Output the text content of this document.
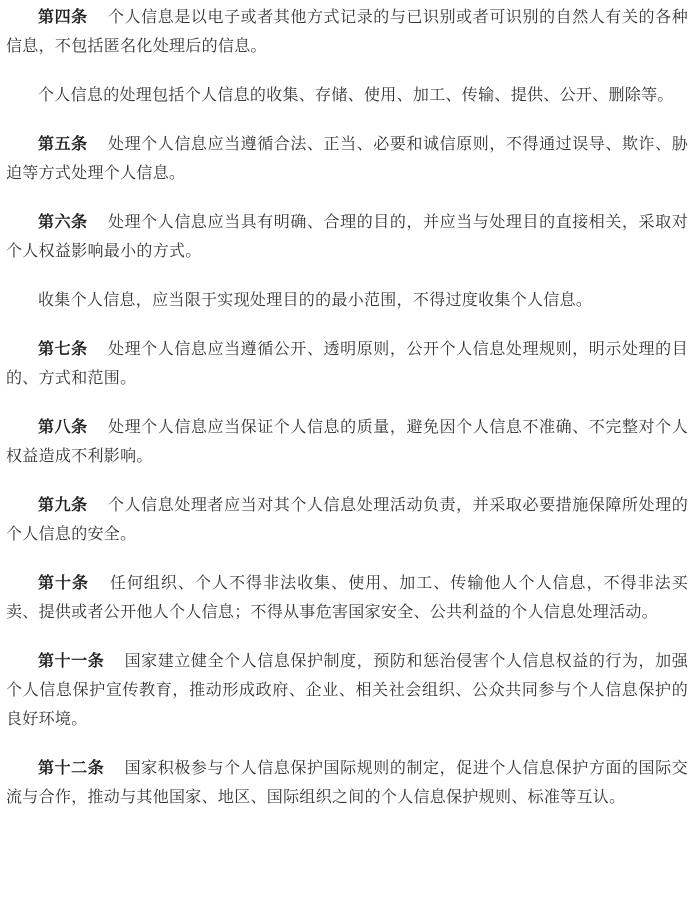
第四条 个人信息是以电子或者其他方式记录的与已识别或者可识别的自然人有关的各种信息，不包括匿名化处理后的信息。

个人信息的处理包括个人信息的收集、存储、使用、加工、传输、提供、公开、删除等。

第五条 处理个人信息应当遵循合法、正当、必要和诚信原则，不得通过误导、欺诈、胁迫等方式处理个人信息。

第六条 处理个人信息应当具有明确、合理的目的，并应当与处理目的直接相关，采取对个人权益影响最小的方式。

收集个人信息，应当限于实现处理目的的最小范围，不得过度收集个人信息。

第七条 处理个人信息应当遵循公开、透明原则，公开个人信息处理规则，明示处理的目的、方式和范围。

第八条 处理个人信息应当保证个人信息的质量，避免因个人信息不准确、不完整对个人权益造成不利影响。

第九条 个人信息处理者应当对其个人信息处理活动负责，并采取必要措施保障所处理的个人信息的安全。

第十条 任何组织、个人不得非法收集、使用、加工、传输他人个人信息，不得非法买卖、提供或者公开他人个人信息；不得从事危害国家安全、公共利益的个人信息处理活动。

第十一条 国家建立健全个人信息保护制度，预防和惩治侵害个人信息权益的行为，加强个人信息保护宣传教育，推动形成政府、企业、相关社会组织、公众共同参与个人信息保护的良好环境。

第十二条 国家积极参与个人信息保护国际规则的制定，促进个人信息保护方面的国际交流与合作，推动与其他国家、地区、国际组织之间的个人信息保护规则、标准等互认。
